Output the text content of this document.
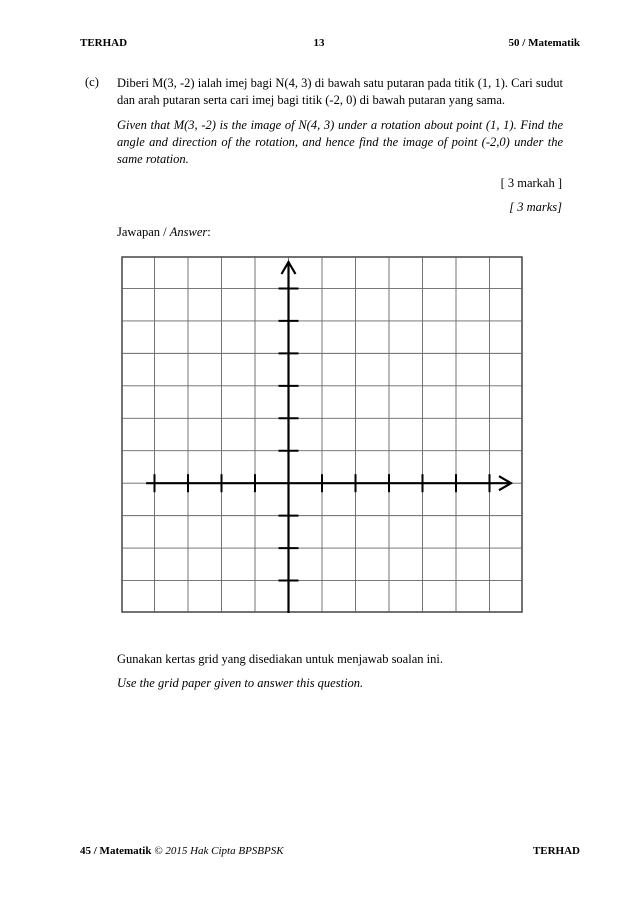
TERHAD	13	50 / Matematik
(c) Diberi M(3, -2) ialah imej bagi N(4, 3) di bawah satu putaran pada titik (1, 1). Cari sudut dan arah putaran serta cari imej bagi titik (-2, 0) di bawah putaran yang sama.
Given that M(3, -2) is the image of N(4, 3) under a rotation about point (1, 1). Find the angle and direction of the rotation, and hence find the image of point (-2,0) under the same rotation.
[ 3 markah ]
[ 3 marks]
Jawapan / Answer:
Gunakan kertas grid yang disediakan untuk menjawab soalan ini.
Use the grid paper given to answer this question.
45 / Matematik © 2015 Hak Cipta BPSBPSK	TERHAD
